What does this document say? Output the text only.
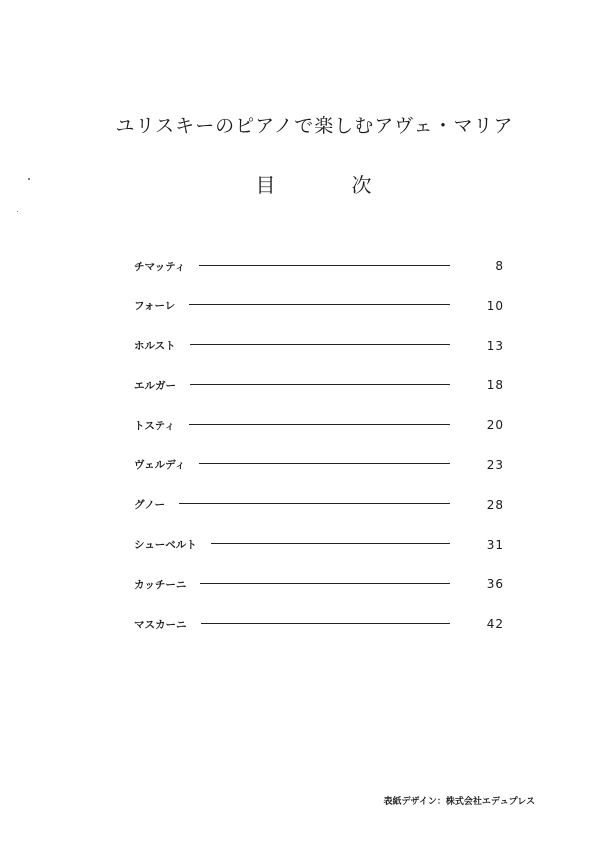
ユリスキーのピアノで楽しむアヴェ・マリア
目　次
チマッティ	8
フォーレ	10
ホルスト	13
エルガー	18
トスティ	20
ヴェルディ	23
グノー	28
シューベルト	31
カッチーニ	36
マスカーニ	42
表紙デザイン：株式会社エデュプレス
